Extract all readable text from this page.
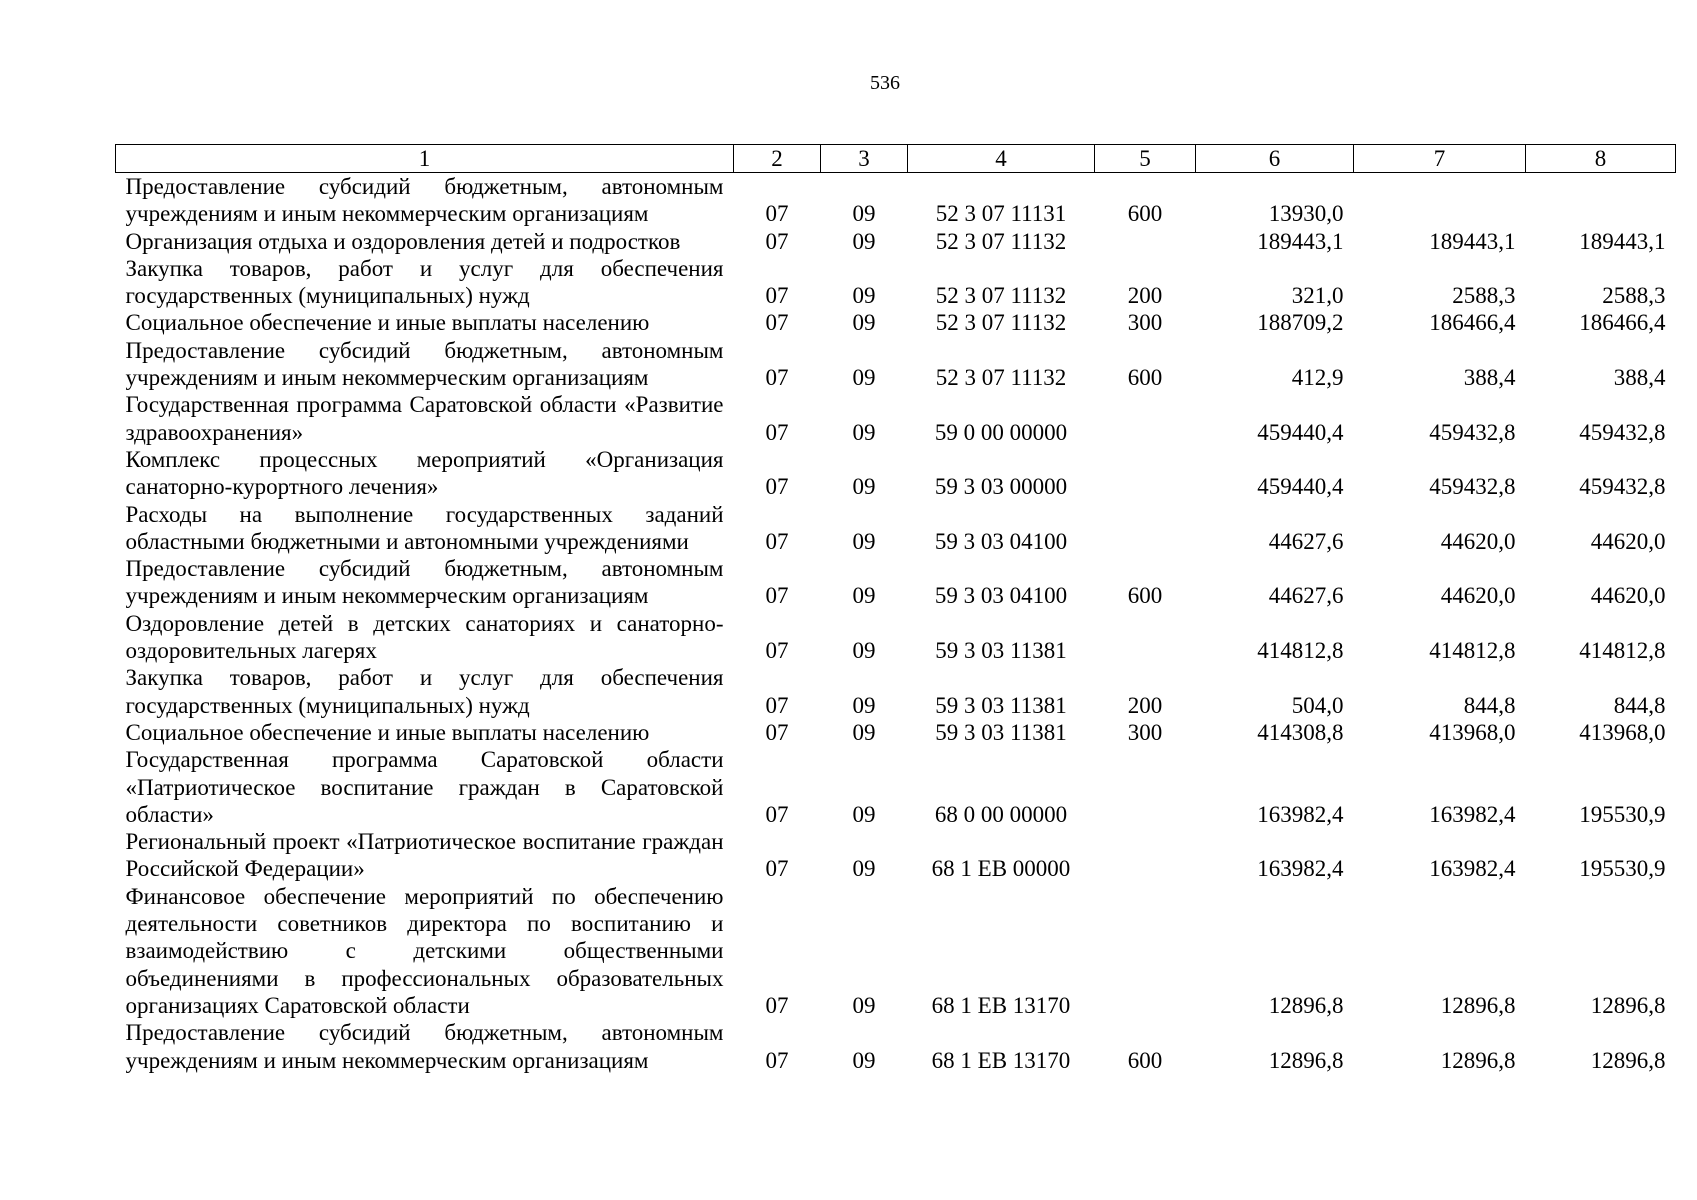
536
1	2	3	4	5	6	7	8
Предоставление субсидий бюджетным, автономным учреждениям и иным некоммерческим организациям	07	09	52 3 07 11131	600	13930,0		
Организация отдыха и оздоровления детей и подростков	07	09	52 3 07 11132		189443,1	189443,1	189443,1
Закупка товаров, работ и услуг для обеспечения государственных (муниципальных) нужд	07	09	52 3 07 11132	200	321,0	2588,3	2588,3
Социальное обеспечение и иные выплаты населению	07	09	52 3 07 11132	300	188709,2	186466,4	186466,4
Предоставление субсидий бюджетным, автономным учреждениям и иным некоммерческим организациям	07	09	52 3 07 11132	600	412,9	388,4	388,4
Государственная программа Саратовской области «Развитие здравоохранения»	07	09	59 0 00 00000		459440,4	459432,8	459432,8
Комплекс процессных мероприятий «Организация санаторно-курортного лечения»	07	09	59 3 03 00000		459440,4	459432,8	459432,8
Расходы на выполнение государственных заданий областными бюджетными и автономными учреждениями	07	09	59 3 03 04100		44627,6	44620,0	44620,0
Предоставление субсидий бюджетным, автономным учреждениям и иным некоммерческим организациям	07	09	59 3 03 04100	600	44627,6	44620,0	44620,0
Оздоровление детей в детских санаториях и санаторно-оздоровительных лагерях	07	09	59 3 03 11381		414812,8	414812,8	414812,8
Закупка товаров, работ и услуг для обеспечения государственных (муниципальных) нужд	07	09	59 3 03 11381	200	504,0	844,8	844,8
Социальное обеспечение и иные выплаты населению	07	09	59 3 03 11381	300	414308,8	413968,0	413968,0
Государственная программа Саратовской области «Патриотическое воспитание граждан в Саратовской области»	07	09	68 0 00 00000		163982,4	163982,4	195530,9
Региональный проект «Патриотическое воспитание граждан Российской Федерации»	07	09	68 1 ЕВ 00000		163982,4	163982,4	195530,9
Финансовое обеспечение мероприятий по обеспечению деятельности советников директора по воспитанию и взаимодействию с детскими общественными объединениями в профессиональных образовательных организациях Саратовской области	07	09	68 1 ЕВ 13170		12896,8	12896,8	12896,8
Предоставление субсидий бюджетным, автономным учреждениям и иным некоммерческим организациям	07	09	68 1 ЕВ 13170	600	12896,8	12896,8	12896,8
